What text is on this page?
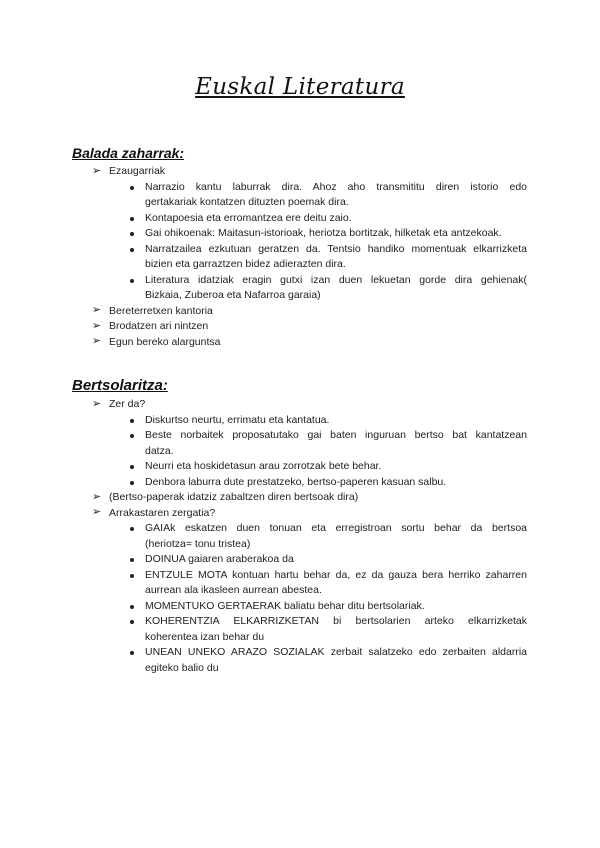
Euskal Literatura
Balada zaharrak:
Bertsolaritza:
➢ Ezaugarriak
Narrazio kantu laburrak dira. Ahoz aho transmititu diren istorio edo
gertakariak kontatzen dituzten poemak dira.
Kontapoesia eta erromantzea ere deitu zaio.
Gai ohikoenak: Maitasun-istorioak, heriotza bortitzak, hilketak eta antzekoak.
Narratzailea ezkutuan geratzen da. Tentsio handiko momentuak elkarrizketa
bizien eta garraztzen bidez adierazten dira.
Literatura idatziak eragin gutxi izan duen lekuetan gorde dira gehienak(
Bizkaia, Zuberoa eta Nafarroa garaia)
➢ Bereterretxen kantoria
➢ Brodatzen ari nintzen
➢ Egun bereko alarguntsa
➢ Zer da?
Diskurtso neurtu, errimatu eta kantatua.
Beste norbaitek proposatutako gai baten inguruan bertso bat kantatzean
datza.
Neurri eta hoskidetasun arau zorrotzak bete behar.
Denbora laburra dute prestatzeko, bertso-paperen kasuan salbu.
➢ (Bertso-paperak idatziz zabaltzen diren bertsoak dira)
➢ Arrakastaren zergatia?
GAIAk eskatzen duen tonuan eta erregistroan sortu behar da bertsoa
(heriotza= tonu tristea)
DOINUA gaiaren araberakoa da
ENTZULE MOTA kontuan hartu behar da, ez da gauza bera herriko zaharren
aurrean ala ikasleen aurrean abestea.
MOMENTUKO GERTAERAK baliatu behar ditu bertsolariak.
KOHERENTZIA ELKARRIZKETAN bi bertsolarien arteko elkarrizketak
koherentea izan behar du
UNEAN UNEKO ARAZO SOZIALAK zerbait salatzeko edo zerbaiten aldarria
egiteko balio du
